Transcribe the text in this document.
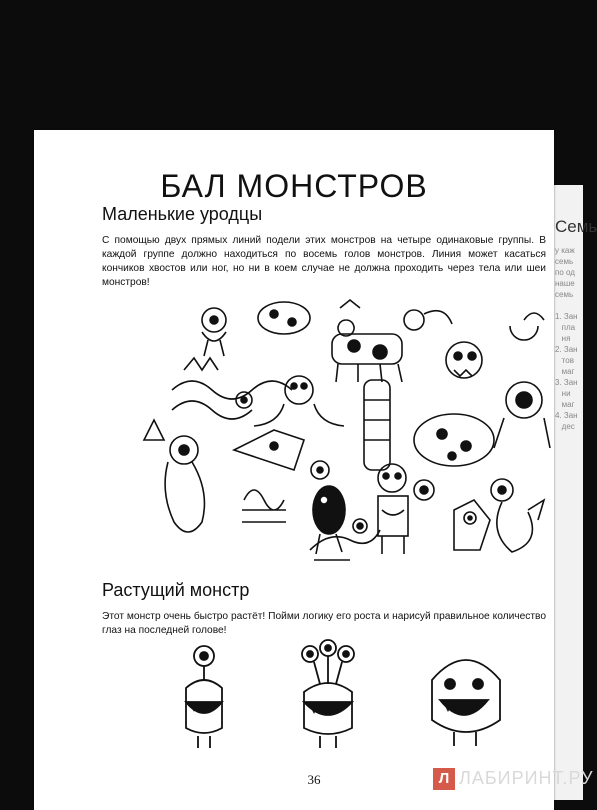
Семь
у каж
семь
по од
наше
семь

1. Зан
пла
ня
2. Зан
тов
маг
3. Зан
ни
маг
4. Зан
дес
БАЛ МОНСТРОВ
Маленькие уродцы
С помощью двух прямых линий подели этих монстров на четыре одинаковые группы. В каждой группе должно находиться по восемь голов монстров. Линия может касаться кончиков хвостов или ног, но ни в коем случае не должна проходить через тела или шеи монстров!
Растущий монстр
Этот монстр очень быстро растёт! Пойми логику его роста и нарисуй правильное количество глаз на последней голове!
36	Л ЛАБИРИНТ.РУ
